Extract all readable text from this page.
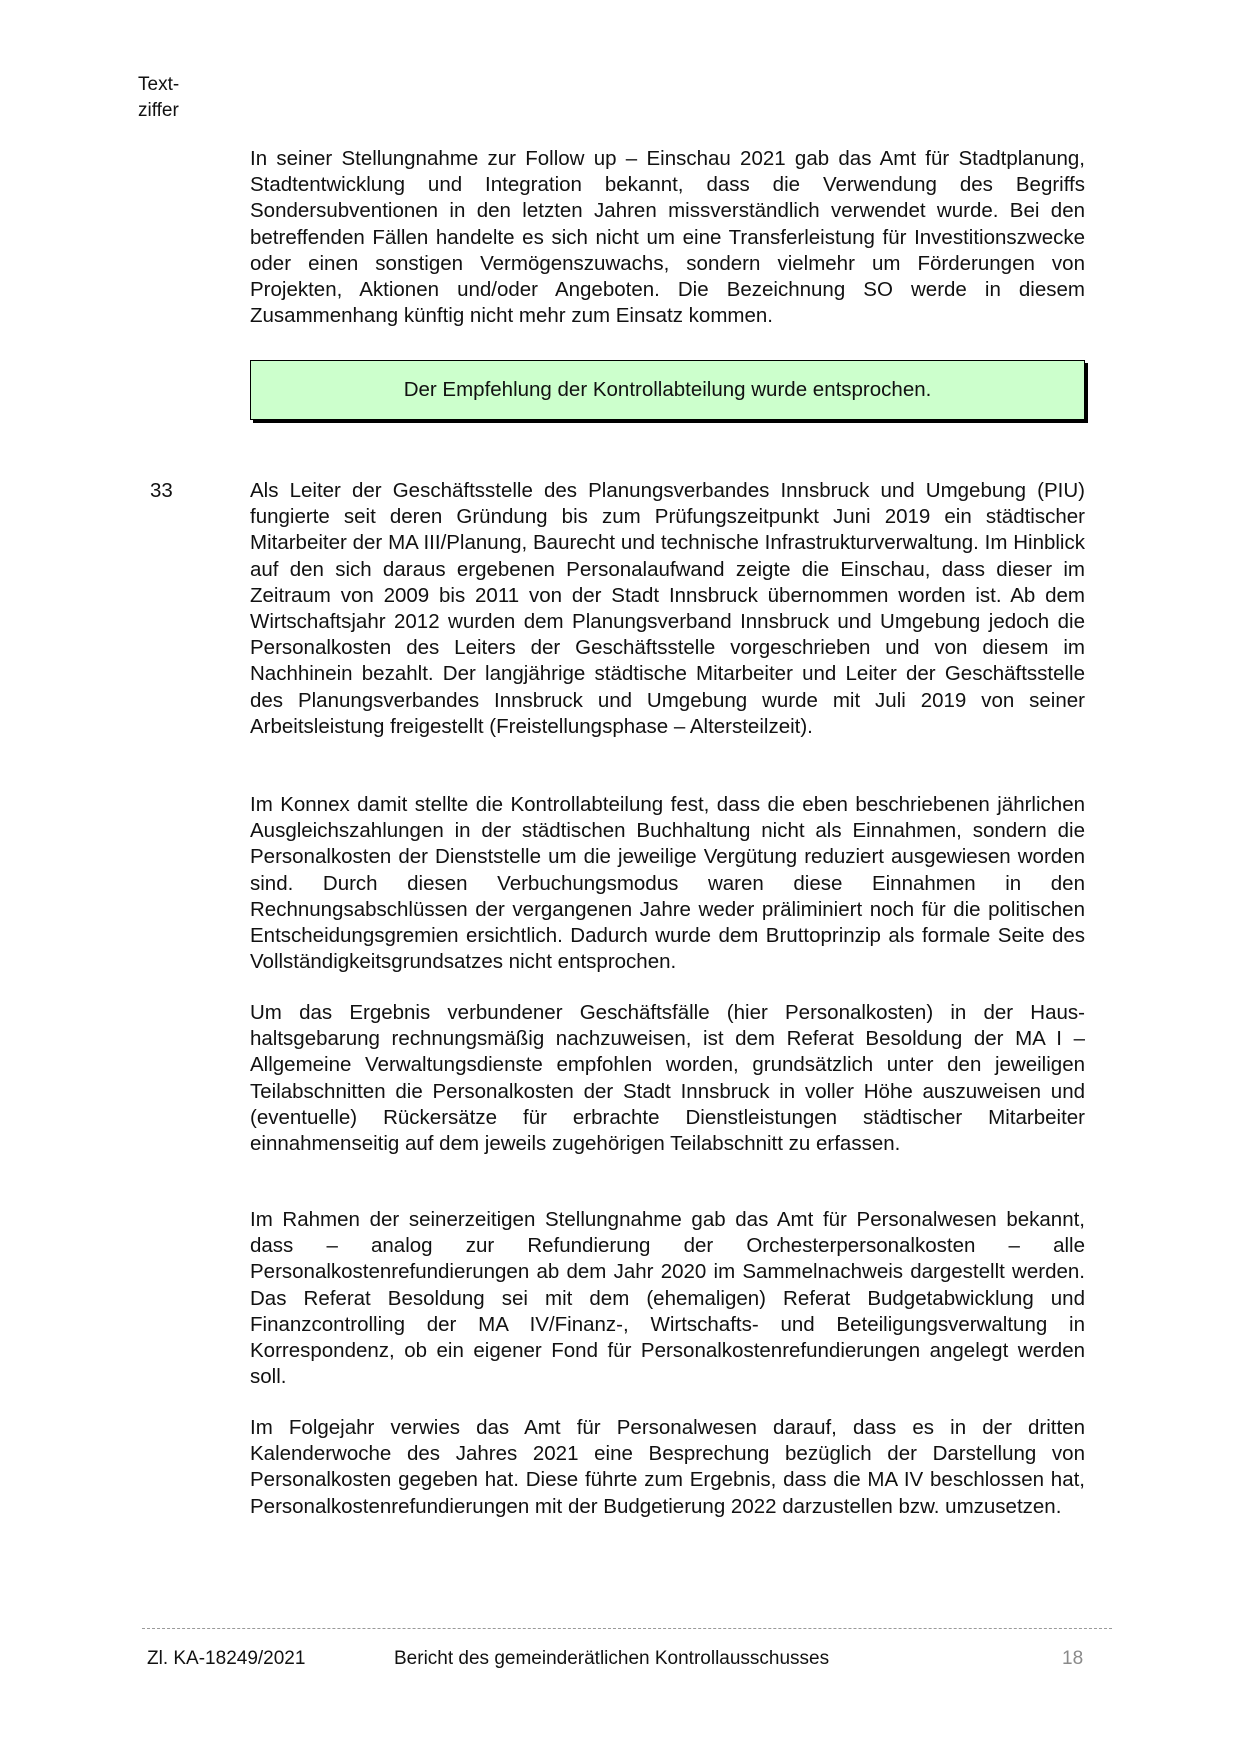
Text-
ziffer

In seiner Stellungnahme zur Follow up – Einschau 2021 gab das Amt für Stadtplanung, Stadtentwicklung und Integration bekannt, dass die Verwendung des Begriffs Sondersubventionen in den letzten Jahren missverständlich verwendet wurde. Bei den betreffenden Fällen handelte es sich nicht um eine Transferleistung für Investitionszwecke oder einen sonstigen Vermögenszuwachs, sondern vielmehr um Förderungen von Projekten, Aktionen und/oder Angeboten. Die Bezeichnung SO werde in diesem Zusammenhang künftig nicht mehr zum Einsatz kommen.

Der Empfehlung der Kontrollabteilung wurde entsprochen.
33	Als Leiter der Geschäftsstelle des Planungsverbandes Innsbruck und Umgebung (PIU) fungierte seit deren Gründung bis zum Prüfungszeitpunkt Juni 2019 ein städtischer Mitarbeiter der MA III/Planung, Baurecht und technische Infrastrukturverwaltung. Im Hinblick auf den sich daraus ergebenen Personalaufwand zeigte die Einschau, dass dieser im Zeitraum von 2009 bis 2011 von der Stadt Innsbruck übernommen worden ist. Ab dem Wirtschaftsjahr 2012 wurden dem Planungsverband Innsbruck und Umgebung jedoch die Personalkosten des Leiters der Geschäftsstelle vorgeschrieben und von diesem im Nachhinein bezahlt. Der langjährige städtische Mitarbeiter und Leiter der Geschäftsstelle des Planungsverbandes Innsbruck und Umgebung wurde mit Juli 2019 von seiner Arbeitsleistung freigestellt (Freistellungsphase – Altersteilzeit).

Im Konnex damit stellte die Kontrollabteilung fest, dass die eben beschriebenen jährlichen Ausgleichszahlungen in der städtischen Buchhaltung nicht als Einnahmen, sondern die Personalkosten der Dienststelle um die jeweilige Vergütung reduziert ausgewiesen worden sind. Durch diesen Verbuchungsmodus waren diese Einnahmen in den Rechnungsabschlüssen der vergangenen Jahre weder präliminiert noch für die politischen Entscheidungsgremien ersichtlich. Dadurch wurde dem Bruttoprinzip als formale Seite des Vollständigkeitsgrundsatzes nicht entsprochen.

Um das Ergebnis verbundener Geschäftsfälle (hier Personalkosten) in der Haushaltsgebarung rechnungsmäßig nachzuweisen, ist dem Referat Besoldung der MA I – Allgemeine Verwaltungsdienste empfohlen worden, grundsätzlich unter den jeweiligen Teilabschnitten die Personalkosten der Stadt Innsbruck in voller Höhe auszuweisen und (eventuelle) Rückersätze für erbrachte Dienstleistungen städtischer Mitarbeiter einnahmenseitig auf dem jeweils zugehörigen Teilabschnitt zu erfassen.

Im Rahmen der seinerzeitigen Stellungnahme gab das Amt für Personalwesen bekannt, dass – analog zur Refundierung der Orchesterpersonalkosten – alle Personalkostenrefundierungen ab dem Jahr 2020 im Sammelnachweis dargestellt werden. Das Referat Besoldung sei mit dem (ehemaligen) Referat Budgetabwicklung und Finanzcontrolling der MA IV/Finanz-, Wirtschafts- und Beteiligungsverwaltung in Korrespondenz, ob ein eigener Fond für Personalkostenrefundierungen angelegt werden soll.

Im Folgejahr verwies das Amt für Personalwesen darauf, dass es in der dritten Kalenderwoche des Jahres 2021 eine Besprechung bezüglich der Darstellung von Personalkosten gegeben hat. Diese führte zum Ergebnis, dass die MA IV beschlossen hat, Personalkostenrefundierungen mit der Budgetierung 2022 darzustellen bzw. umzusetzen.

Zl. KA-18249/2021	Bericht des gemeinderätlichen Kontrollausschusses	18
